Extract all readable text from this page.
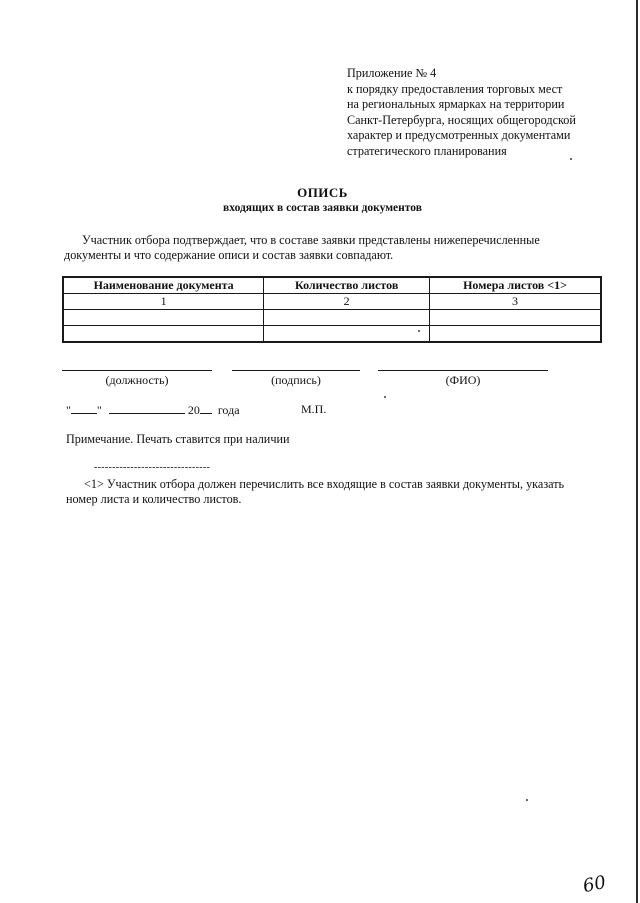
Приложение № 4
к порядку предоставления торговых мест
на региональных ярмарках на территории
Санкт-Петербурга, носящих общегородской
характер и предусмотренных документами
стратегического планирования
ОПИСЬ
входящих в состав заявки документов
Участник отбора подтверждает, что в составе заявки представлены нижеперечисленные
документы и что содержание описи и состав заявки совпадают.
Наименование документа	Количество листов	Номера листов <1>
1	2	3

(должность)	(подпись)	(ФИО)
" "	20 года	М.П.
Примечание. Печать ставится при наличии
--------------------------------
<1> Участник отбора должен перечислить все входящие в состав заявки документы, указать
номер листа и количество листов.
60
